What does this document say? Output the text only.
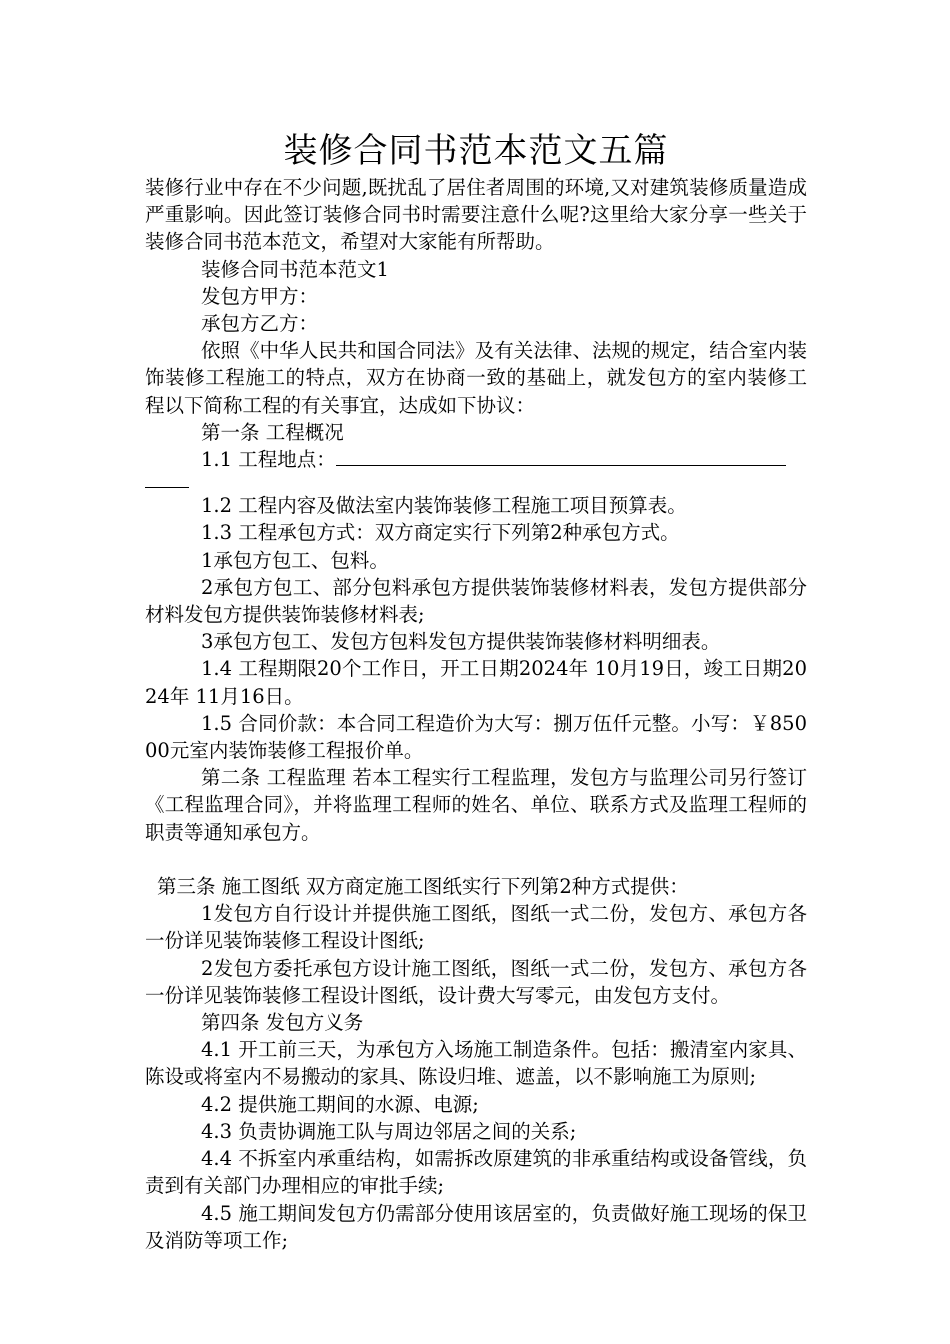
装修合同书范本范文五篇

装修行业中存在不少问题,既扰乱了居住者周围的环境,又对建筑装修质量造成严重影响。因此签订装修合同书时需要注意什么呢?这里给大家分享一些关于装修合同书范本范文，希望对大家能有所帮助。

装修合同书范本范文1

发包方甲方：

承包方乙方：

依照《中华人民共和国合同法》及有关法律、法规的规定，结合室内装饰装修工程施工的特点，双方在协商一致的基础上，就发包方的室内装修工程以下简称工程的有关事宜，达成如下协议：

第一条 工程概况

1.1 工程地点：

1.2 工程内容及做法室内装饰装修工程施工项目预算表。

1.3 工程承包方式：双方商定实行下列第2种承包方式。

1承包方包工、包料。

2承包方包工、部分包料承包方提供装饰装修材料表，发包方提供部分材料发包方提供装饰装修材料表;

3承包方包工、发包方包料发包方提供装饰装修材料明细表。

1.4 工程期限20个工作日，开工日期2024年 10月19日，竣工日期2024年 11月16日。

1.5 合同价款：本合同工程造价为大写：捌万伍仟元整。小写：￥85000元室内装饰装修工程报价单。

第二条 工程监理 若本工程实行工程监理，发包方与监理公司另行签订《工程监理合同》，并将监理工程师的姓名、单位、联系方式及监理工程师的职责等通知承包方。

第三条 施工图纸 双方商定施工图纸实行下列第2种方式提供：

1发包方自行设计并提供施工图纸，图纸一式二份，发包方、承包方各一份详见装饰装修工程设计图纸;

2发包方委托承包方设计施工图纸，图纸一式二份，发包方、承包方各一份详见装饰装修工程设计图纸，设计费大写零元，由发包方支付。

第四条 发包方义务

4.1 开工前三天，为承包方入场施工制造条件。包括：搬清室内家具、陈设或将室内不易搬动的家具、陈设归堆、遮盖，以不影响施工为原则;

4.2 提供施工期间的水源、电源;

4.3 负责协调施工队与周边邻居之间的关系;

4.4 不拆室内承重结构，如需拆改原建筑的非承重结构或设备管线，负责到有关部门办理相应的审批手续;

4.5 施工期间发包方仍需部分使用该居室的，负责做好施工现场的保卫及消防等项工作;
